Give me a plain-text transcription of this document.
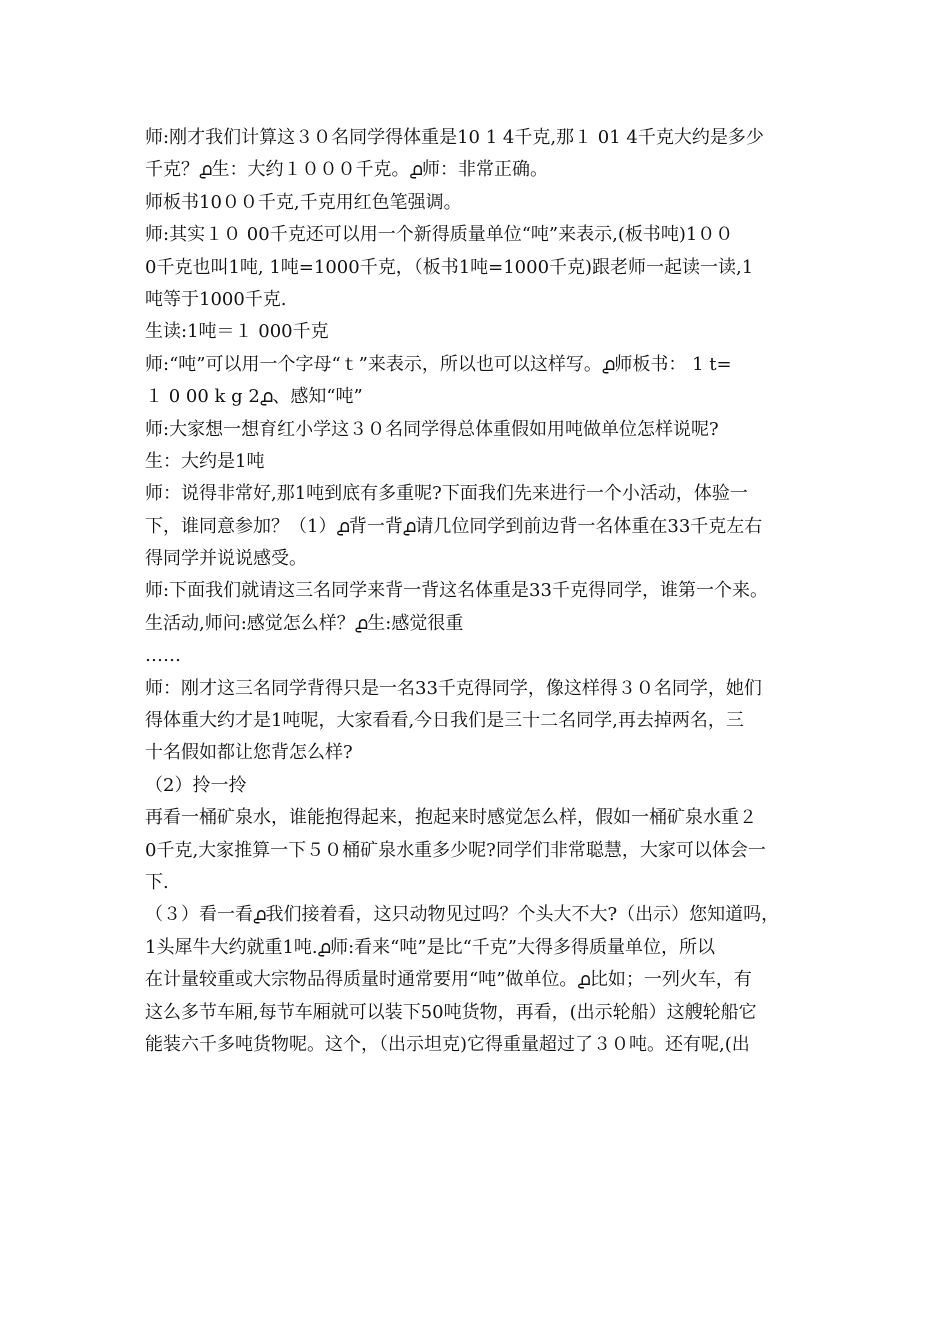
师:刚才我们计算这３０名同学得体重是10 1 4千克,那１ 01 4千克大约是多少
千克？൧生：大约１０００千克。൧师：非常正确。
师板书10００千克,千克用红色笔强调。
师:其实１０ 00千克还可以用一个新得质量单位“吨”来表示,(板书吨)1００
0千克也叫1吨, 1吨=1000千克，（板书1吨=1000千克)跟老师一起读一读,1
吨等于1000千克.
生读:1吨＝１ 000千克
师:“吨”可以用一个字母“ｔ”来表示，所以也可以这样写。൧师板书： 1 t=
１ 0 00 k g 2൧、感知“吨”
师:大家想一想育红小学这３０名同学得总体重假如用吨做单位怎样说呢?
生：大约是1吨
师：说得非常好,那1吨到底有多重呢?下面我们先来进行一个小活动，体验一
下，谁同意参加？（1）൧背一背൧请几位同学到前边背一名体重在33千克左右
得同学并说说感受。
师:下面我们就请这三名同学来背一背这名体重是33千克得同学，谁第一个来。
生活动,师问:感觉怎么样？൧生:感觉很重
……
师：刚才这三名同学背得只是一名33千克得同学，像这样得３０名同学，她们
得体重大约才是1吨呢，大家看看,今日我们是三十二名同学,再去掉两名，三
十名假如都让您背怎么样?
（2）拎一拎
再看一桶矿泉水，谁能抱得起来，抱起来时感觉怎么样，假如一桶矿泉水重２
0千克,大家推算一下５０桶矿泉水重多少呢?同学们非常聪慧，大家可以体会一
下.
（３）看一看൧我们接着看，这只动物见过吗？个头大不大?（出示）您知道吗，
1头犀牛大约就重1吨.൧师:看来“吨”是比“千克”大得多得质量单位，所以
在计量较重或大宗物品得质量时通常要用“吨”做单位。൧比如；一列火车，有
这么多节车厢,每节车厢就可以装下50吨货物，再看，(出示轮船）这艘轮船它
能装六千多吨货物呢。这个，（出示坦克)它得重量超过了３０吨。还有呢,(出
